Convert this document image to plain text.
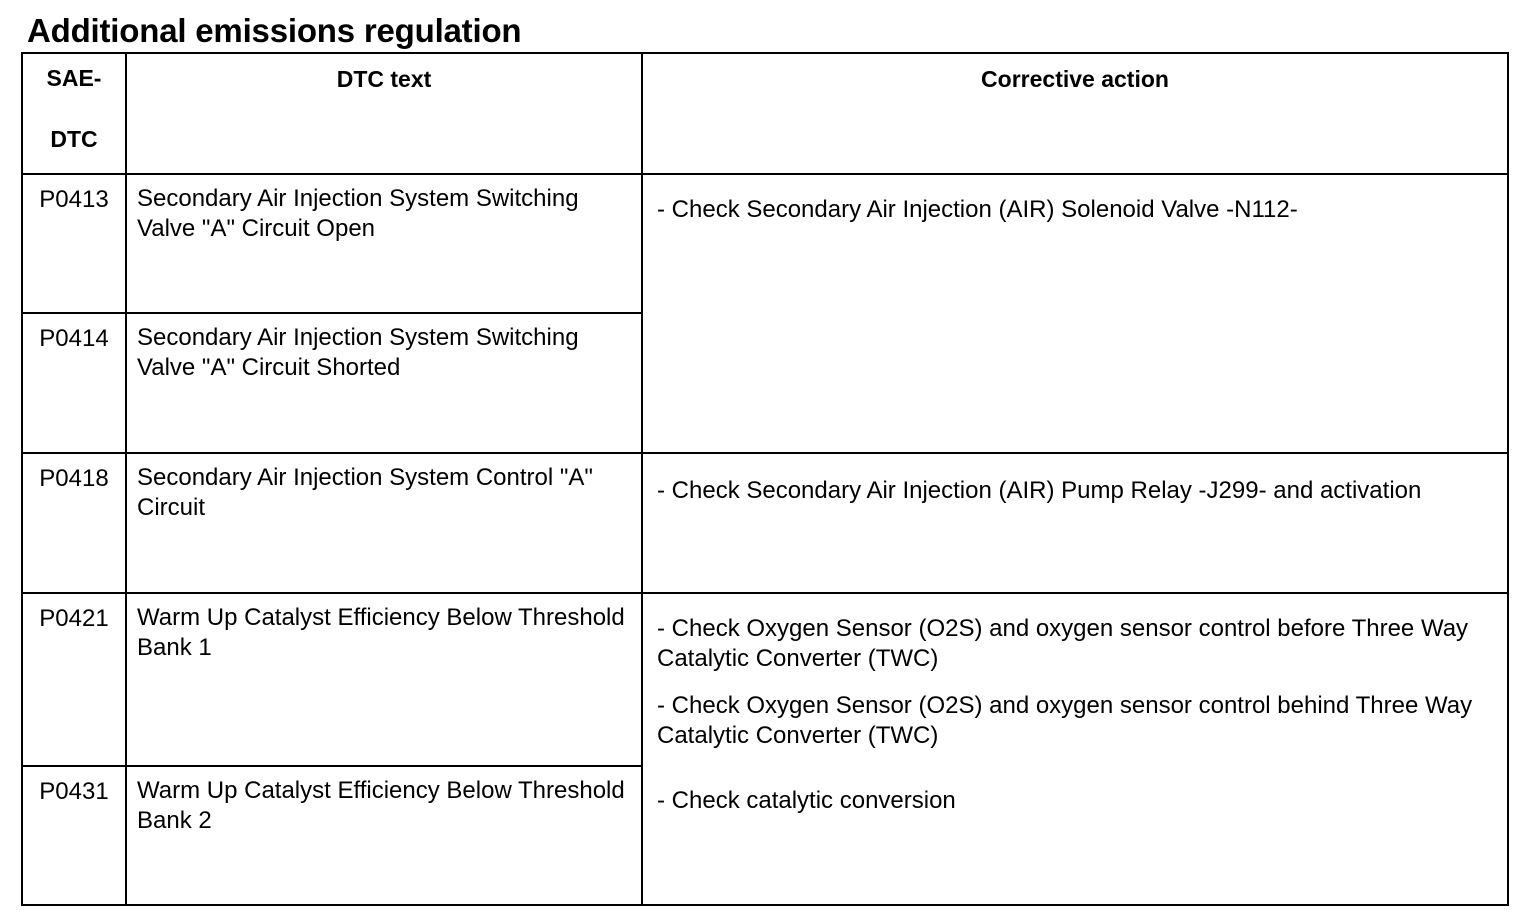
Additional emissions regulation
SAE-
DTC	DTC text	Corrective action
P0413	Secondary Air Injection System Switching Valve "A" Circuit Open	- Check Secondary Air Injection (AIR) Solenoid Valve -N112-

P0414	Secondary Air Injection System Switching Valve "A" Circuit Shorted	
P0418	Secondary Air Injection System Control "A" Circuit	- Check Secondary Air Injection (AIR) Pump Relay -J299- and activation

P0421	Warm Up Catalyst Efficiency Below Threshold Bank 1	- Check Oxygen Sensor (O2S) and oxygen sensor control before Three Way Catalytic Converter (TWC)
- Check Oxygen Sensor (O2S) and oxygen sensor control behind Three Way Catalytic Converter (TWC)
- Check catalytic conversion

P0431	Warm Up Catalyst Efficiency Below Threshold Bank 2	
